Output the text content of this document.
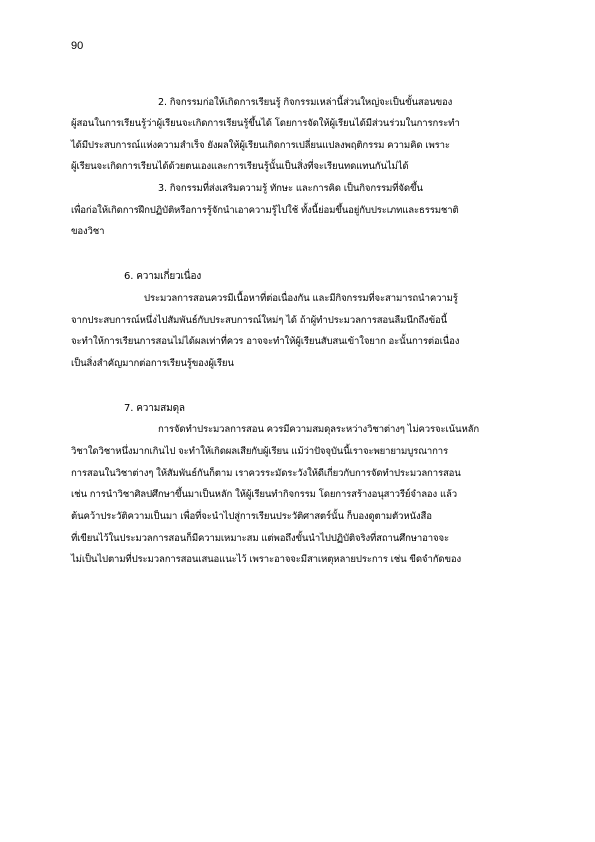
90
2. กิจกรรมก่อให้เกิดการเรียนรู้ กิจกรรมเหล่านี้ส่วนใหญ่จะเป็นขั้นสอนของ
ผู้สอนในการเรียนรู้ว่าผู้เรียนจะเกิดการเรียนรู้ขึ้นได้ โดยการจัดให้ผู้เรียนได้มีส่วนร่วมในการกระทำ
ได้มีประสบการณ์แห่งความสำเร็จ ยังผลให้ผู้เรียนเกิดการเปลี่ยนแปลงพฤติกรรม ความคิด เพราะ
ผู้เรียนจะเกิดการเรียนได้ด้วยตนเองและการเรียนรู้นั้นเป็นสิ่งที่จะเรียนทดแทนกันไม่ได้
3. กิจกรรมที่ส่งเสริมความรู้ ทักษะ และการคิด เป็นกิจกรรมที่จัดขึ้น
เพื่อก่อให้เกิดการฝึกปฏิบัติหรือการรู้จักนำเอาความรู้ไปใช้ ทั้งนี้ย่อมขึ้นอยู่กับประเภทและธรรมชาติ
ของวิชา
6. ความเกี่ยวเนื่อง
ประมวลการสอนควรมีเนื้อหาที่ต่อเนื่องกัน และมีกิจกรรมที่จะสามารถนำความรู้
จากประสบการณ์หนึ่งไปสัมพันธ์กับประสบการณ์ใหม่ๆ ได้ ถ้าผู้ทำประมวลการสอนลืมนึกถึงข้อนี้
จะทำให้การเรียนการสอนไม่ได้ผลเท่าที่ควร อาจจะทำให้ผู้เรียนสับสนเข้าใจยาก อะนั้นการต่อเนื่อง
เป็นสิ่งสำคัญมากต่อการเรียนรู้ของผู้เรียน
7. ความสมดุล
การจัดทำประมวลการสอน ควรมีความสมดุลระหว่างวิชาต่างๆ ไม่ควรจะเน้นหลัก
วิชาใดวิชาหนึ่งมากเกินไป จะทำให้เกิดผลเสียกับผู้เรียน แม้ว่าปัจจุบันนี้เราจะพยายามบูรณาการ
การสอนในวิชาต่างๆ ให้สัมพันธ์กันก็ตาม เราควรระมัดระวังให้ดีเกี่ยวกับการจัดทำประมวลการสอน
เช่น การนำวิชาศิลปศึกษาขึ้นมาเป็นหลัก ให้ผู้เรียนทำกิจกรรม โดยการสร้างอนุสาวรีย์จำลอง แล้ว
ต้นคว้าประวัติความเป็นมา เพื่อที่จะนำไปสู่การเรียนประวัติศาสตร์นั้น ก็บองดูตามตัวหนังสือ
ที่เขียนไว้ในประมวลการสอนก็มีความเหมาะสม แต่พอถึงขั้นนำไปปฏิบัติจริงที่สถานศึกษาอาจจะ
ไม่เป็นไปตามที่ประมวลการสอนเสนอแนะไว้ เพราะอาจจะมีสาเหตุหลายประการ เช่น ขีดจำกัดของ
